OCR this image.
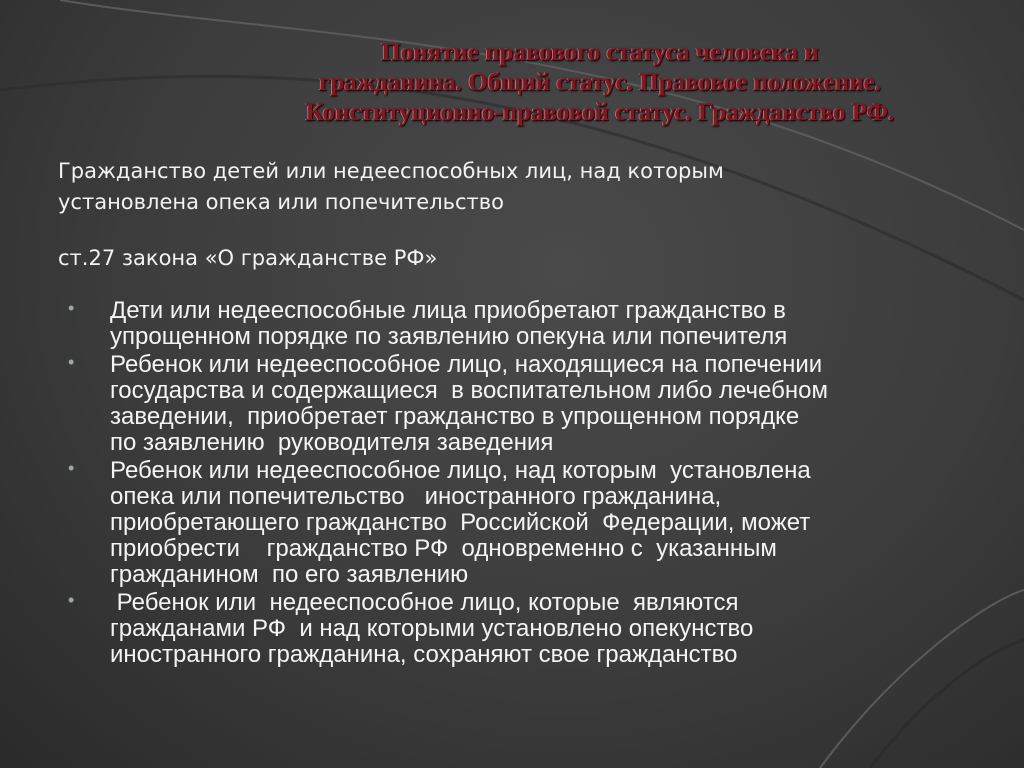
Понятие правового статуса человека и
гражданина. Общий статус. Правовое положение.
Конституционно-правовой статус. Гражданство РФ.
Гражданство детей или недееспособных лиц, над которым
установлена опека или попечительство
ст.27 закона «О гражданстве РФ»
• Дети или недееспособные лица приобретают гражданство в
упрощенном порядке по заявлению опекуна или попечителя
• Ребенок или недееспособное лицо, находящиеся на попечении
государства и содержащиеся  в воспитательном либо лечебном
заведении,  приобретает гражданство в упрощенном порядке
по заявлению  руководителя заведения
• Ребенок или недееспособное лицо, над которым  установлена
опека или попечительство   иностранного гражданина,
приобретающего гражданство  Российской  Федерации, может
приобрести    гражданство РФ  одновременно с  указанным
гражданином  по его заявлению
• Ребенок или  недееспособное лицо, которые  являются
гражданами РФ  и над которыми установлено опекунство
иностранного гражданина, сохраняют свое гражданство
